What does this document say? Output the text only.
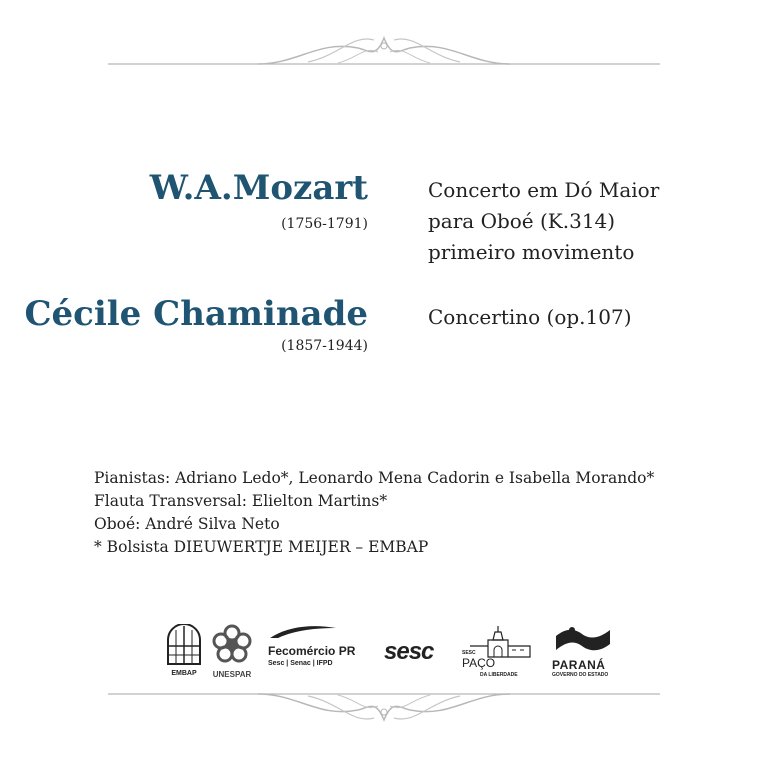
W.A.Mozart
(1756-1791)
Concerto em Dó Maior
para Oboé (K.314)
primeiro movimento
Cécile Chaminade
(1857-1944)
Concertino (op.107)
Pianistas: Adriano Ledo*, Leonardo Mena Cadorin e Isabella Morando*
Flauta Transversal: Elielton Martins*
Oboé: André Silva Neto
* Bolsista DIEUWERTJE MEIJER – EMBAP
EMBAP	UNESPAR
Fecomércio PR
Sesc | Senac | IFPD	sesc	SESC
PAÇO
DA LIBERDADE
PARANÁ
GOVERNO DO ESTADO
